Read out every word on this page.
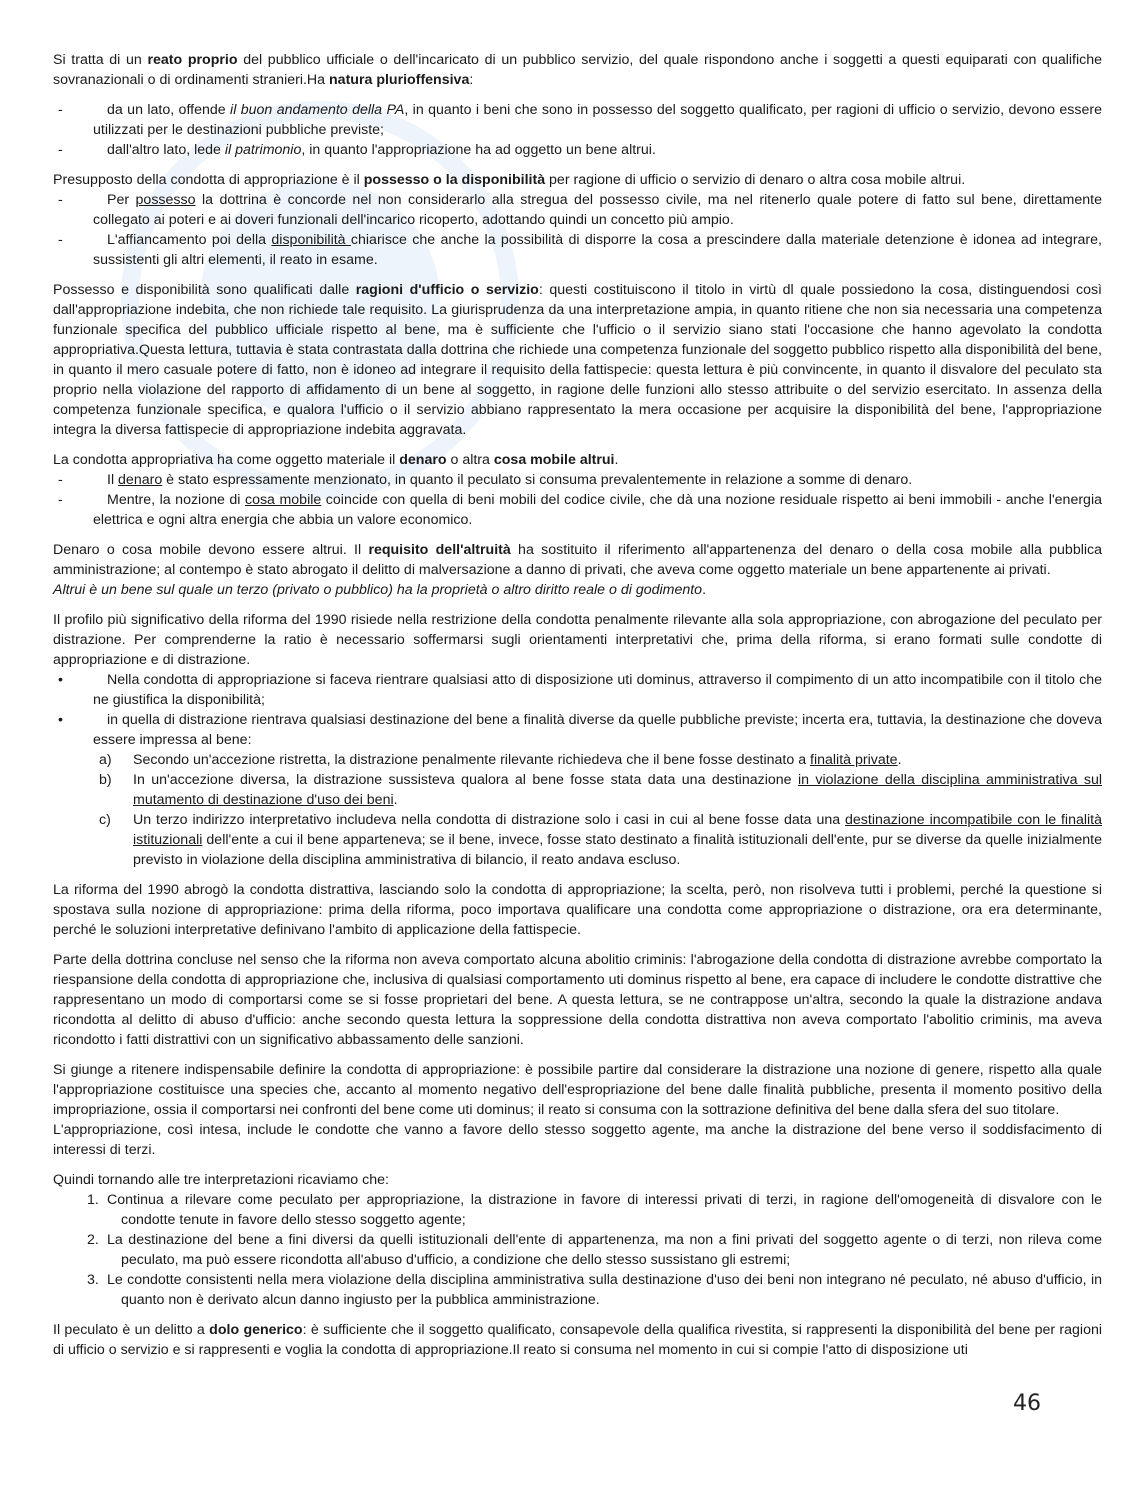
Si tratta di un reato proprio del pubblico ufficiale o dell'incaricato di un pubblico servizio, del quale rispondono anche i soggetti a questi equiparati con qualifiche sovranazionali o di ordinamenti stranieri.Ha natura plurioffensiva:

-	da un lato, offende il buon andamento della PA, in quanto i beni che sono in possesso del soggetto qualificato, per ragioni di ufficio o servizio, devono essere utilizzati per le destinazioni pubbliche previste;
-	dall'altro lato, lede il patrimonio, in quanto l'appropriazione ha ad oggetto un bene altrui.

Presupposto della condotta di appropriazione è il possesso o la disponibilità per ragione di ufficio o servizio di denaro o altra cosa mobile altrui.

-	Per possesso la dottrina è concorde nel non considerarlo alla stregua del possesso civile, ma nel ritenerlo quale potere di fatto sul bene, direttamente collegato ai poteri e ai doveri funzionali dell'incarico ricoperto, adottando quindi un concetto più ampio.
-	L'affiancamento poi della disponibilità chiarisce che anche la possibilità di disporre la cosa a prescindere dalla materiale detenzione è idonea ad integrare, sussistenti gli altri elementi, il reato in esame.

Possesso e disponibilità sono qualificati dalle ragioni d'ufficio o servizio: questi costituiscono il titolo in virtù dl quale possiedono la cosa, distinguendosi così dall'appropriazione indebita, che non richiede tale requisito. La giurisprudenza da una interpretazione ampia, in quanto ritiene che non sia necessaria una competenza funzionale specifica del pubblico ufficiale rispetto al bene, ma è sufficiente che l'ufficio o il servizio siano stati l'occasione che hanno agevolato la condotta appropriativa.Questa lettura, tuttavia è stata contrastata dalla dottrina che richiede una competenza funzionale del soggetto pubblico rispetto alla disponibilità del bene, in quanto il mero casuale potere di fatto, non è idoneo ad integrare il requisito della fattispecie: questa lettura è più convincente, in quanto il disvalore del peculato sta proprio nella violazione del rapporto di affidamento di un bene al soggetto, in ragione delle funzioni allo stesso attribuite o del servizio esercitato. In assenza della competenza funzionale specifica, e qualora l'ufficio o il servizio abbiano rappresentato la mera occasione per acquisire la disponibilità del bene, l'appropriazione integra la diversa fattispecie di appropriazione indebita aggravata.

La condotta appropriativa ha come oggetto materiale il denaro o altra cosa mobile altrui.

-	Il denaro è stato espressamente menzionato, in quanto il peculato si consuma prevalentemente in relazione a somme di denaro.
-	Mentre, la nozione di cosa mobile coincide con quella di beni mobili del codice civile, che dà una nozione residuale rispetto ai beni immobili - anche l'energia elettrica e ogni altra energia che abbia un valore economico.

Denaro o cosa mobile devono essere altrui. Il requisito dell'altruità ha sostituito il riferimento all'appartenenza del denaro o della cosa mobile alla pubblica amministrazione; al contempo è stato abrogato il delitto di malversazione a danno di privati, che aveva come oggetto materiale un bene appartenente ai privati.
Altrui è un bene sul quale un terzo (privato o pubblico) ha la proprietà o altro diritto reale o di godimento.

Il profilo più significativo della riforma del 1990 risiede nella restrizione della condotta penalmente rilevante alla sola appropriazione, con abrogazione del peculato per distrazione. Per comprenderne la ratio è necessario soffermarsi sugli orientamenti interpretativi che, prima della riforma, si erano formati sulle condotte di appropriazione e di distrazione.

•	Nella condotta di appropriazione si faceva rientrare qualsiasi atto di disposizione uti dominus, attraverso il compimento di un atto incompatibile con il titolo che ne giustifica la disponibilità;
•	in quella di distrazione rientrava qualsiasi destinazione del bene a finalità diverse da quelle pubbliche previste; incerta era, tuttavia, la destinazione che doveva essere impressa al bene:
a) Secondo un'accezione ristretta, la distrazione penalmente rilevante richiedeva che il bene fosse destinato a finalità private.
b) In un'accezione diversa, la distrazione sussisteva qualora al bene fosse stata data una destinazione in violazione della disciplina amministrativa sul mutamento di destinazione d'uso dei beni.
c) Un terzo indirizzo interpretativo includeva nella condotta di distrazione solo i casi in cui al bene fosse data una destinazione incompatibile con le finalità istituzionali dell'ente a cui il bene apparteneva; se il bene, invece, fosse stato destinato a finalità istituzionali dell'ente, pur se diverse da quelle inizialmente previsto in violazione della disciplina amministrativa di bilancio, il reato andava escluso.

La riforma del 1990 abrogò la condotta distrattiva, lasciando solo la condotta di appropriazione; la scelta, però, non risolveva tutti i problemi, perché la questione si spostava sulla nozione di appropriazione: prima della riforma, poco importava qualificare una condotta come appropriazione o distrazione, ora era determinante, perché le soluzioni interpretative definivano l'ambito di applicazione della fattispecie.

Parte della dottrina concluse nel senso che la riforma non aveva comportato alcuna abolitio criminis: l'abrogazione della condotta di distrazione avrebbe comportato la riespansione della condotta di appropriazione che, inclusiva di qualsiasi comportamento uti dominus rispetto al bene, era capace di includere le condotte distrattive che rappresentano un modo di comportarsi come se si fosse proprietari del bene. A questa lettura, se ne contrappose un'altra, secondo la quale la distrazione andava ricondotta al delitto di abuso d'ufficio: anche secondo questa lettura la soppressione della condotta distrattiva non aveva comportato l'abolitio criminis, ma aveva ricondotto i fatti distrattivi con un significativo abbassamento delle sanzioni.

Si giunge a ritenere indispensabile definire la condotta di appropriazione: è possibile partire dal considerare la distrazione una nozione di genere, rispetto alla quale l'appropriazione costituisce una species che, accanto al momento negativo dell'espropriazione del bene dalle finalità pubbliche, presenta il momento positivo della impropriazione, ossia il comportarsi nei confronti del bene come uti dominus; il reato si consuma con la sottrazione definitiva del bene dalla sfera del suo titolare.
L'appropriazione, così intesa, include le condotte che vanno a favore dello stesso soggetto agente, ma anche la distrazione del bene verso il soddisfacimento di interessi di terzi.

Quindi tornando alle tre interpretazioni ricaviamo che:

1. Continua a rilevare come peculato per appropriazione, la distrazione in favore di interessi privati di terzi, in ragione dell'omogeneità di disvalore con le condotte tenute in favore dello stesso soggetto agente;
2. La destinazione del bene a fini diversi da quelli istituzionali dell'ente di appartenenza, ma non a fini privati del soggetto agente o di terzi, non rileva come peculato, ma può essere ricondotta all'abuso d'ufficio, a condizione che dello stesso sussistano gli estremi;
3. Le condotte consistenti nella mera violazione della disciplina amministrativa sulla destinazione d'uso dei beni non integrano né peculato, né abuso d'ufficio, in quanto non è derivato alcun danno ingiusto per la pubblica amministrazione.

Il peculato è un delitto a dolo generico: è sufficiente che il soggetto qualificato, consapevole della qualifica rivestita, si rappresenti la disponibilità del bene per ragioni di ufficio o servizio e si rappresenti e voglia la condotta di appropriazione.Il reato si consuma nel momento in cui si compie l'atto di disposizione uti

46
